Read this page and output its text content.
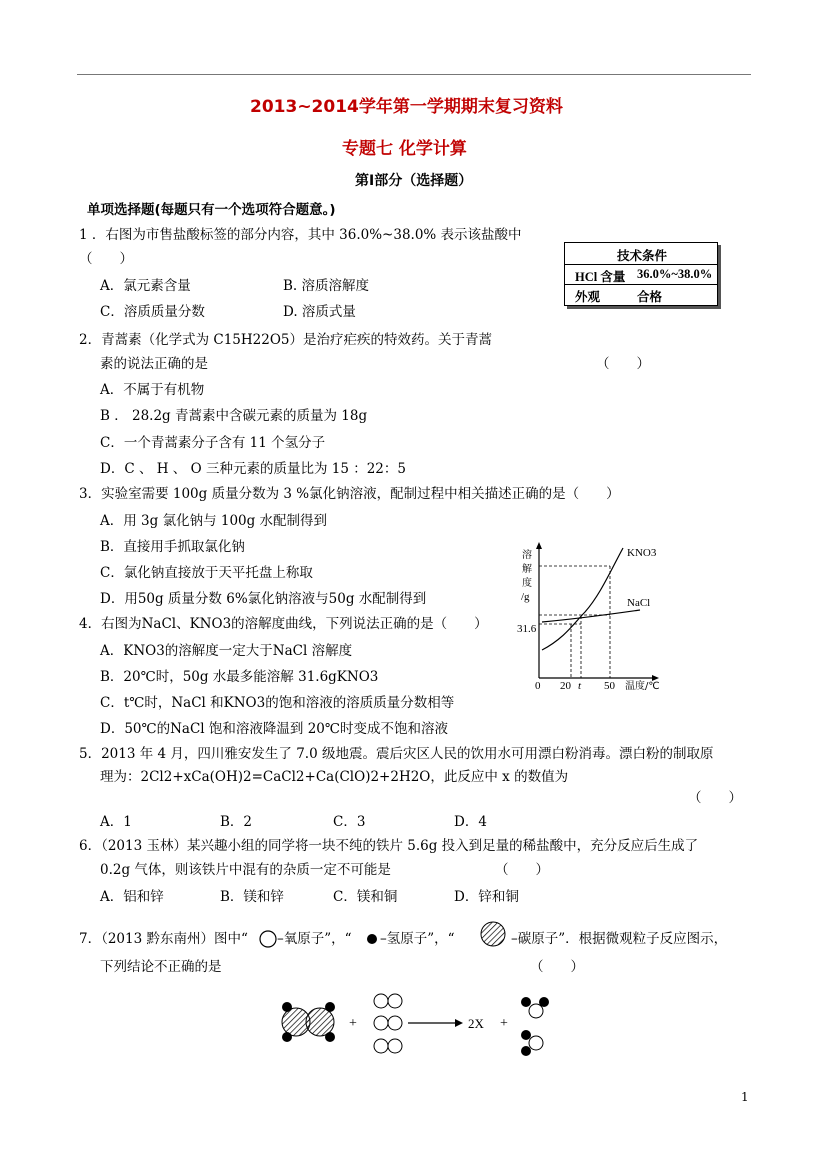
2013~2014学年第一学期期末复习资料
专题七 化学计算
第Ⅰ部分（选择题）
单项选择题(每题只有一个选项符合题意。)
1 ．右图为市售盐酸标签的部分内容，其中 36.0%~38.0% 表示该盐酸中
（　　）
A．氯元素含量	B. 溶质溶解度
C．溶质质量分数	D. 溶质式量
技术条件
HCl 含量 36.0%~38.0%
外观	合格
2．青蒿素（化学式为 C15H22O5）是治疗疟疾的特效药。关于青蒿
素的说法正确的是	（　　）
A．不属于有机物
B ． 28.2g 青蒿素中含碳元素的质量为 18g
C．一个青蒿素分子含有 11 个氢分子
D．C 、 H 、 O 三种元素的质量比为 15 ：22：5
3．实验室需要 100g 质量分数为 3 %氯化钠溶液，配制过程中相关描述正确的是（　　）
A．用 3g 氯化钠与 100g 水配制得到
B．直接用手抓取氯化钠
C．氯化钠直接放于天平托盘上称取
D．用50g 质量分数 6%氯化钠溶液与50g 水配制得到
溶
解
度
/g
31.6
KNO3
NaCl
0 20 t 50 温度/℃
4．右图为NaCl、KNO3的溶解度曲线，下列说法正确的是（　　）
A．KNO3的溶解度一定大于NaCl 溶解度
B．20℃时，50g 水最多能溶解 31.6gKNO3
C．t℃时，NaCl 和KNO3的饱和溶液的溶质质量分数相等
D．50℃的NaCl 饱和溶液降温到 20℃时变成不饱和溶液
5．2013 年 4 月，四川雅安发生了 7.0 级地震。震后灾区人民的饮用水可用漂白粉消毒。漂白粉的制取原
理为：2Cl2+xCa(OH)2=CaCl2+Ca(ClO)2+2H2O，此反应中 x 的数值为
（　　）
A．1	B．2	C．3	D．4
6．（2013 玉林）某兴趣小组的同学将一块不纯的铁片 5.6g 投入到足量的稀盐酸中，充分反应后生成了
0.2g 气体，则该铁片中混有的杂质一定不可能是	（　　）
A．铝和锌	B．镁和锌	C．镁和铜	D．锌和铜
7．（2013 黔东南州）图中“ –氧原子”，“ –氢原子”，“	–碳原子”．根据微观粒子反应图示，
下列结论不正确的是	（　　）
+	2X +
1
